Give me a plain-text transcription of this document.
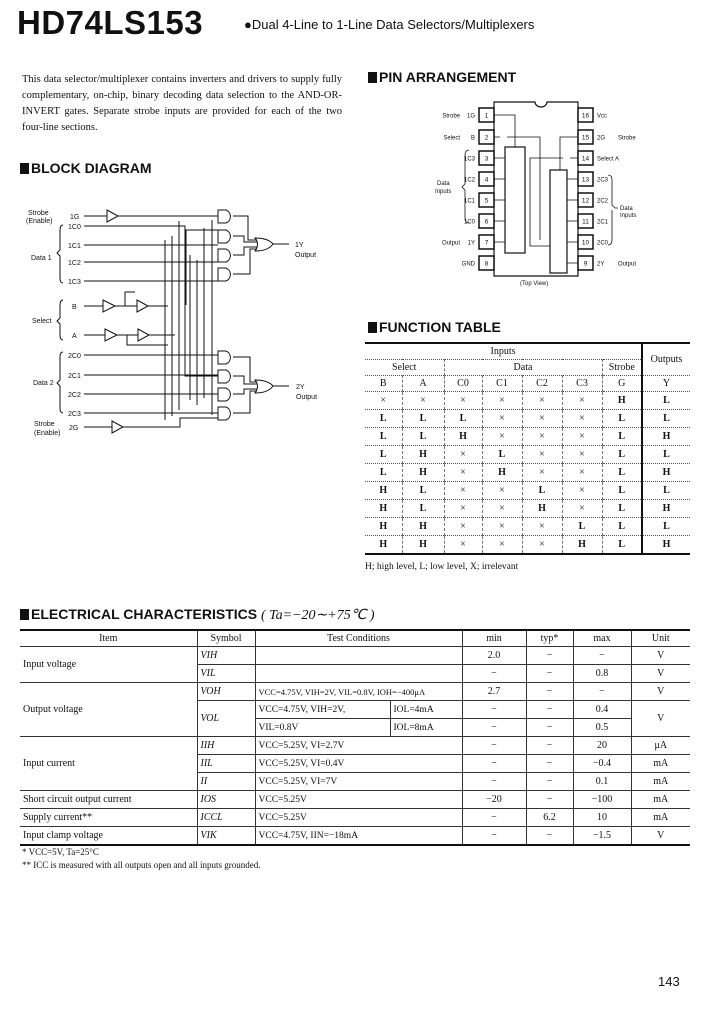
HD74LS153	●Dual 4-Line to 1-Line Data Selectors/Multiplexers
This data selector/multiplexer contains inverters and drivers to supply fully complementary, on-chip, binary decoding data selection to the AND-OR-INVERT gates. Separate strobe inputs are provided for each of the two four-line sections.
BLOCK DIAGRAM
Strobe
(Enable)
1G
1C0
1C1
1C2
1C3
Data 1
B
A
Select
2C0
2C1
2C2
2C3
Data 2
Strobe
(Enable)
2G
1Y
Output
2Y
Output
PIN ARRANGEMENT
1
1G
Strobe
2
B
Select
3
1C3
4
1C2
5
1C1
6
1C0
7
1Y
Output
8
GND
16 Vcc
15 2G Strobe
14 Select A
13 2C3
12 2C2
11 2C1
10 2C0
9 2Y Output
Data
Inputs
Data
Inputs
(Top View)
FUNCTION TABLE
Inputs							Outputs
Select		Data				Strobe	
B	A	C0	C1	C2	C3	G	Y
×	×	×	×	×	×	H	L
L	L	L	×	×	×	L	L
L	L	H	×	×	×	L	H
L	H	×	L	×	×	L	L
L	H	×	H	×	×	L	H
H	L	×	×	L	×	L	L
H	L	×	×	H	×	L	H
H	H	×	×	×	L	L	L
H	H	×	×	×	H	L	H
H; high level, L; low level, X; irrelevant
ELECTRICAL CHARACTERISTICS ( Ta=−20∼+75℃ )
Item	Symbol	Test Conditions		min	typ*	max	Unit
Input voltage	VIH			2.0	−	−	V
	VIL			−	−	0.8	V
Output voltage	VOH	VCC=4.75V, VIH=2V, VIL=0.8V, IOH=−400μA		2.7	−	−	V
	VOL	VCC=4.75V, VIH=2V,	IOL=4mA	−	−	0.4	V
		VIL=0.8V	IOL=8mA	−	−	0.5	
Input current	IIH	VCC=5.25V, VI=2.7V		−	−	20	μA
	IIL	VCC=5.25V, VI=0.4V		−	−	−0.4	mA
	II	VCC=5.25V, VI=7V		−	−	0.1	mA
Short circuit output current	IOS	VCC=5.25V		−20	−	−100	mA
Supply current**	ICCL	VCC=5.25V		−	6.2	10	mA
Input clamp voltage	VIK	VCC=4.75V, IIN=−18mA		−	−	−1.5	V
* VCC=5V, Ta=25°C
** ICC is measured with all outputs open and all inputs grounded.
143
